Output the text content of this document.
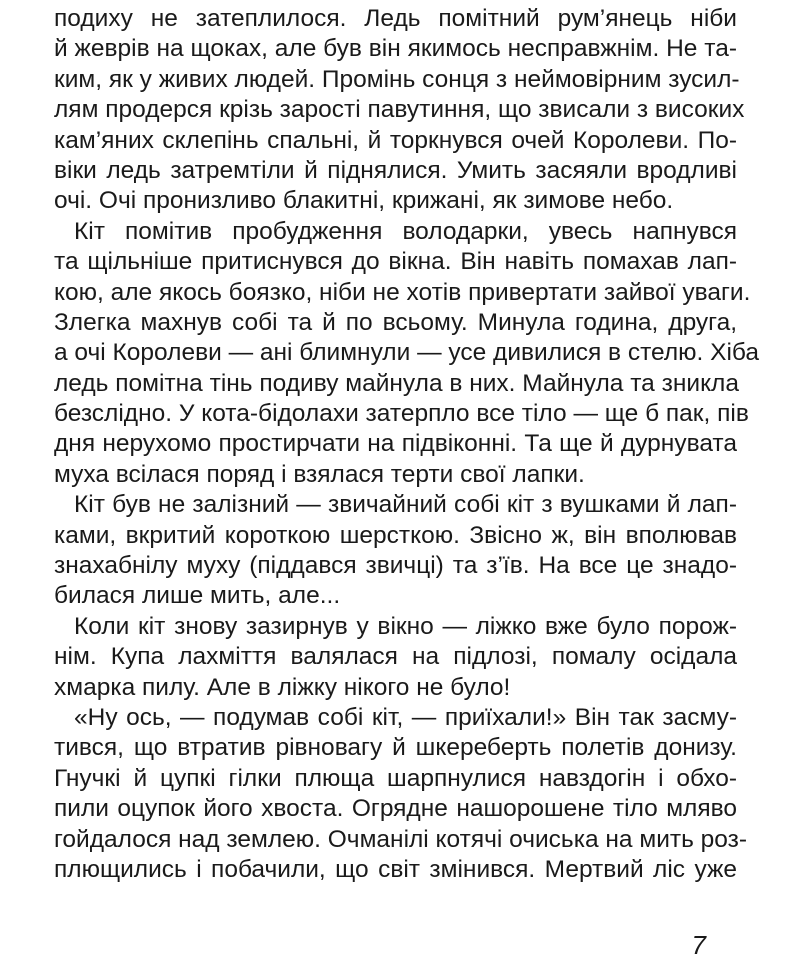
подиху не затеплилося. Ледь помітний рум’янець ніби
й жеврів на щоках, але був він якимось несправжнім. Не та-
ким, як у живих людей. Промінь сонця з неймовірним зусил-
лям продерся крізь зарості павутиння, що звисали з високих
кам’яних склепінь спальні, й торкнувся очей Королеви. По-
віки ледь затремтіли й піднялися. Умить засяяли вродливі
очі. Очі пронизливо блакитні, крижані, як зимове небо.
Кіт помітив пробудження володарки, увесь напнувся
та щільніше притиснувся до вікна. Він навіть помахав лап-
кою, але якось боязко, ніби не хотів привертати зайвої уваги.
Злегка махнув собі та й по всьому. Минула година, друга,
а очі Королеви — ані блимнули — усе дивилися в стелю. Хіба
ледь помітна тінь подиву майнула в них. Майнула та зникла
безслідно. У кота-бідолахи затерпло все тіло — ще б пак, пів
дня нерухомо простирчати на підвіконні. Та ще й дурнувата
муха всілася поряд і взялася терти свої лапки.
Кіт був не залізний — звичайний собі кіт з вушками й лап-
ками, вкритий короткою шерсткою. Звісно ж, він вполював
знахабнілу муху (піддався звичці) та з’їв. На все це знадо-
билася лише мить, але...
Коли кіт знову зазирнув у вікно — ліжко вже було порож-
нім. Купа лахміття валялася на підлозі, помалу осідала
хмарка пилу. Але в ліжку нікого не було!
«Ну ось, — подумав собі кіт, — приїхали!» Він так засму-
тився, що втратив рівновагу й шкереберть полетів донизу.
Гнучкі й цупкі гілки плюща шарпнулися навздогін і обхо-
пили оцупок його хвоста. Огрядне нашорошене тіло мляво
гойдалося над землею. Очманілі котячі очиська на мить роз-
плющились і побачили, що світ змінився. Мертвий ліс уже
7
